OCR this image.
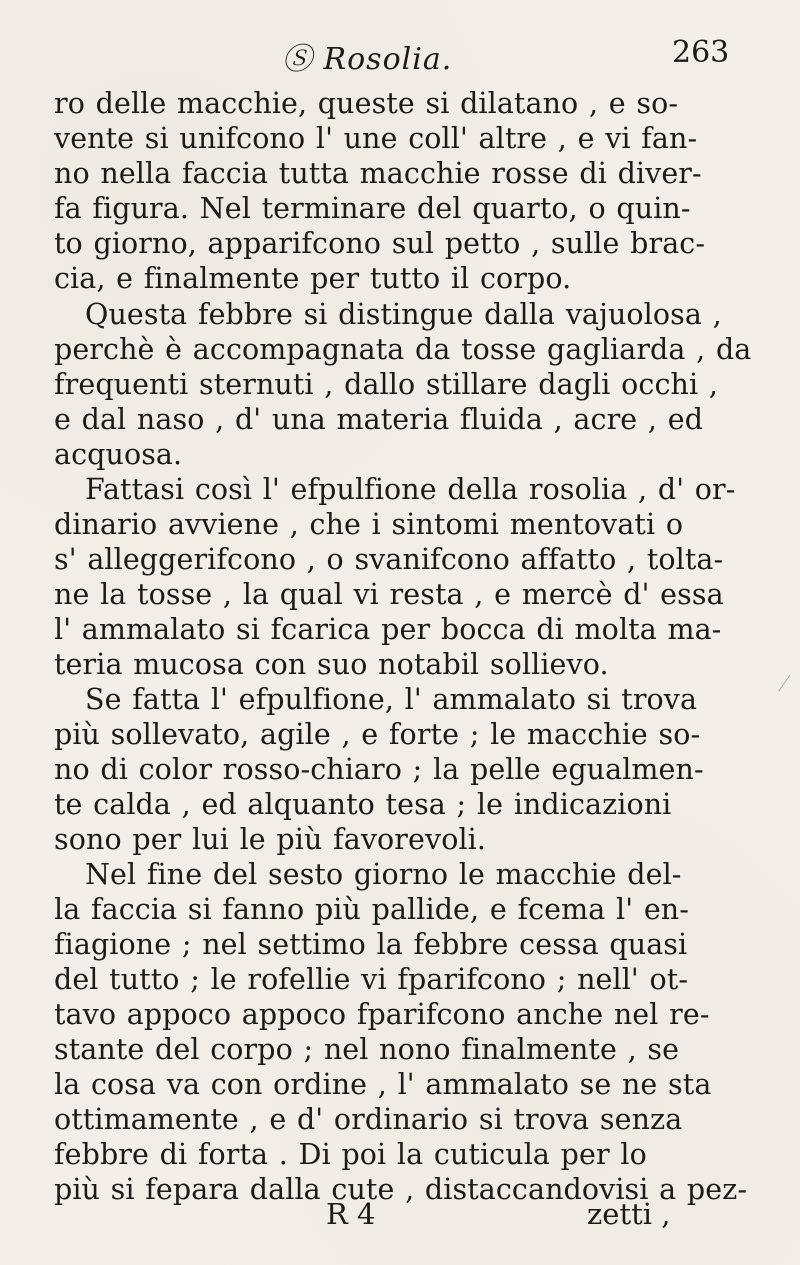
Ⓢ Rosolia.	263
ro delle macchie, queste si dilatano , e so-
vente si unifcono l' une coll' altre , e vi fan-
no nella faccia tutta macchie rosse di diver-
fa figura. Nel terminare del quarto, o quin-
to giorno, apparifcono sul petto , sulle brac-
cia, e finalmente per tutto il corpo.
Questa febbre si distingue dalla vajuolosa ,
perchè è accompagnata da tosse gagliarda , da
frequenti sternuti , dallo stillare dagli occhi ,
e dal naso , d' una materia fluida , acre , ed
acquosa.
Fattasi così l' efpulfione della rosolia , d' or-
dinario avviene , che i sintomi mentovati o
s' alleggerifcono , o svanifcono affatto , tolta-
ne la tosse , la qual vi resta , e mercè d' essa
l' ammalato si fcarica per bocca di molta ma-
teria mucosa con suo notabil sollievo.
Se fatta l' efpulfione, l' ammalato si trova
più sollevato, agile , e forte ; le macchie so-
no di color rosso-chiaro ; la pelle egualmen-
te calda , ed alquanto tesa ; le indicazioni
sono per lui le più favorevoli.
Nel fine del sesto giorno le macchie del-
la faccia si fanno più pallide, e fcema l' en-
fiagione ; nel settimo la febbre cessa quasi
del tutto ; le rofellie vi fparifcono ; nell' ot-
tavo appoco appoco fparifcono anche nel re-
stante del corpo ; nel nono finalmente , se
la cosa va con ordine , l' ammalato se ne sta
ottimamente , e d' ordinario si trova senza
febbre di forta . Di poi la cuticula per lo
più si fepara dalla cute , distaccandovisi a pez-
R 4	zetti ,
